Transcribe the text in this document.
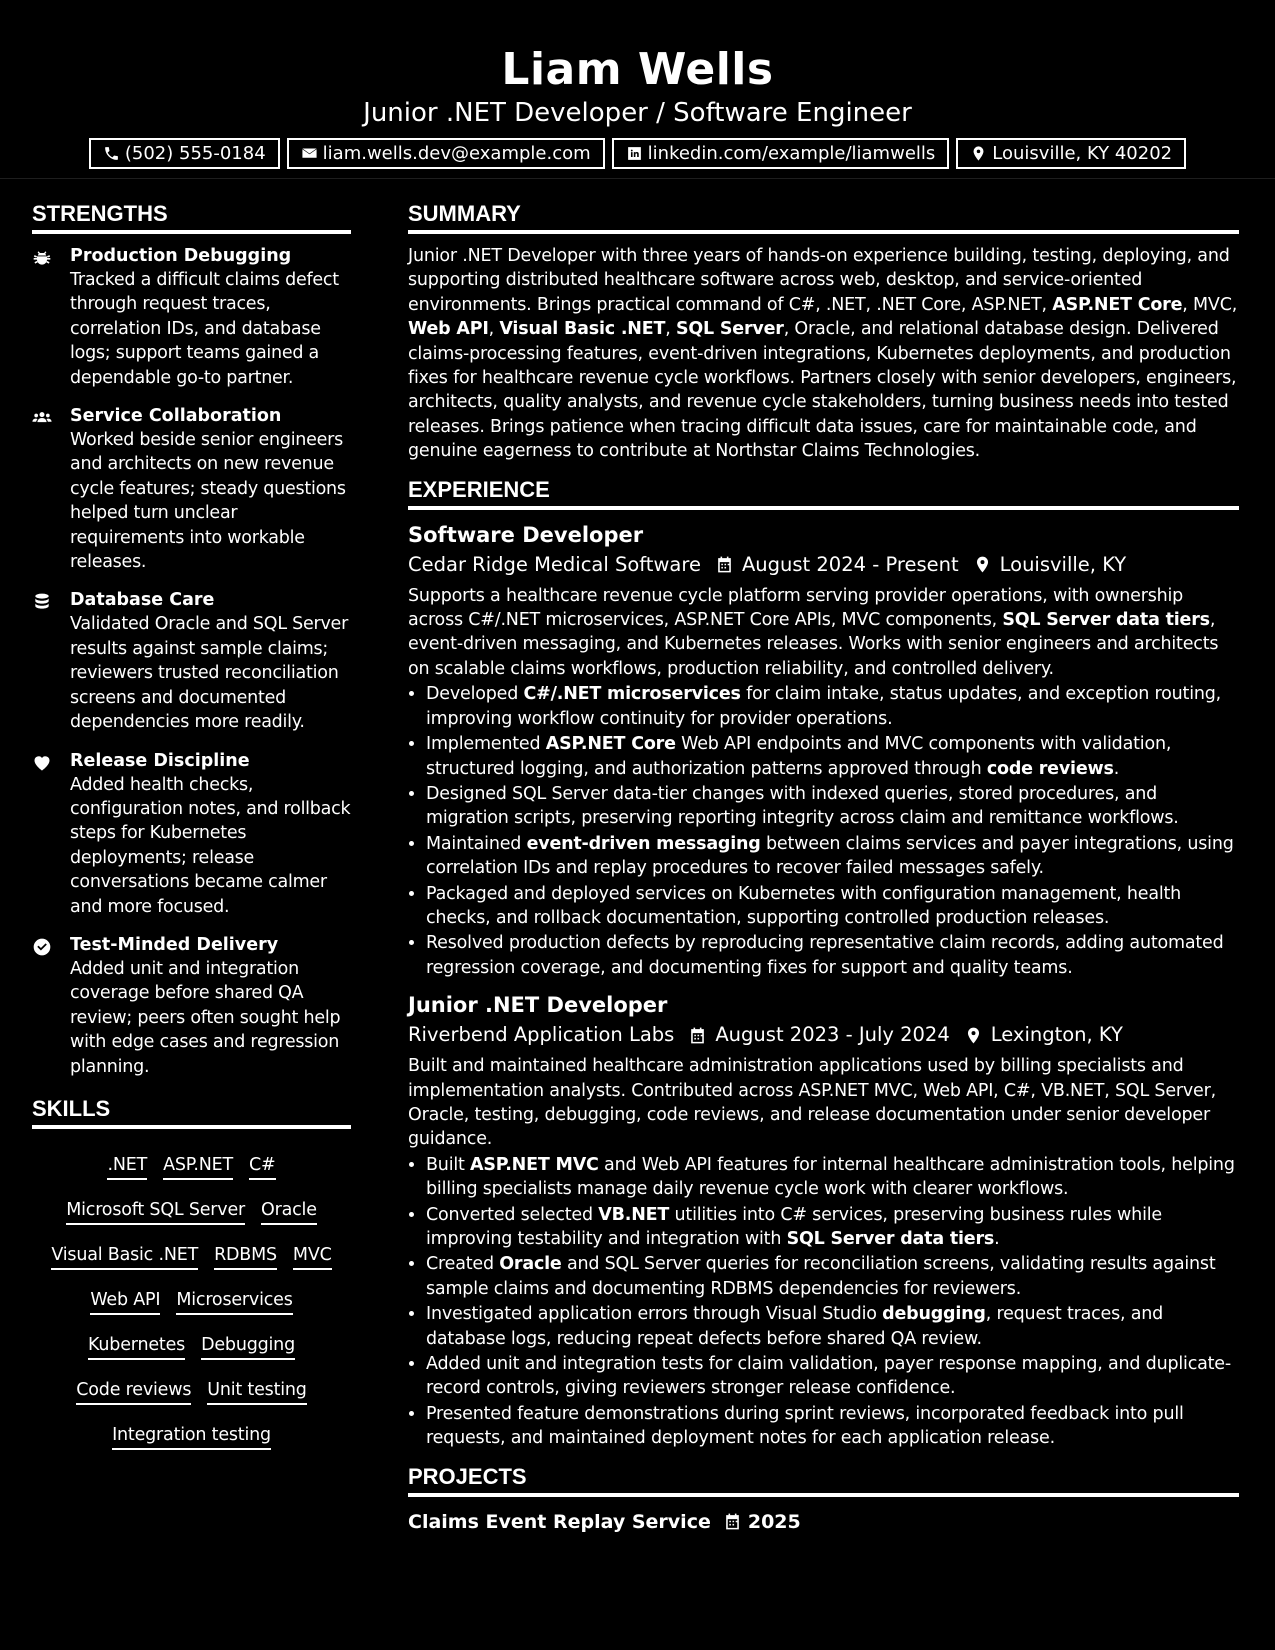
Liam Wells
Junior .NET Developer / Software Engineer
(502) 555-0184	liam.wells.dev@example.com	linkedin.com/example/liamwells	Louisville, KY 40202
STRENGTHS
Production Debugging
Tracked a difficult claims defect through request traces, correlation IDs, and database logs; support teams gained a dependable go-to partner.
Service Collaboration
Worked beside senior engineers and architects on new revenue cycle features; steady questions helped turn unclear requirements into workable releases.
Database Care
Validated Oracle and SQL Server results against sample claims; reviewers trusted reconciliation screens and documented dependencies more readily.
Release Discipline
Added health checks, configuration notes, and rollback steps for Kubernetes deployments; release conversations became calmer and more focused.
Test-Minded Delivery
Added unit and integration coverage before shared QA review; peers often sought help with edge cases and regression planning.
SKILLS
.NET ASP.NET C#
Microsoft SQL Server Oracle
Visual Basic .NET RDBMS MVC
Web API Microservices
Kubernetes Debugging
Code reviews Unit testing
Integration testing
SUMMARY
Junior .NET Developer with three years of hands-on experience building, testing, deploying, and supporting distributed healthcare software across web, desktop, and service-oriented environments. Brings practical command of C#, .NET, .NET Core, ASP.NET, ASP.NET Core, MVC, Web API, Visual Basic .NET, SQL Server, Oracle, and relational database design. Delivered claims-processing features, event-driven integrations, Kubernetes deployments, and production fixes for healthcare revenue cycle workflows. Partners closely with senior developers, engineers, architects, quality analysts, and revenue cycle stakeholders, turning business needs into tested releases. Brings patience when tracing difficult data issues, care for maintainable code, and genuine eagerness to contribute at Northstar Claims Technologies.
EXPERIENCE
Software Developer
Cedar Ridge Medical Software August 2024 - Present Louisville, KY
Supports a healthcare revenue cycle platform serving provider operations, with ownership across C#/.NET microservices, ASP.NET Core APIs, MVC components, SQL Server data tiers, event-driven messaging, and Kubernetes releases. Works with senior engineers and architects on scalable claims workflows, production reliability, and controlled delivery.
• Developed C#/.NET microservices for claim intake, status updates, and exception routing, improving workflow continuity for provider operations.
• Implemented ASP.NET Core Web API endpoints and MVC components with validation, structured logging, and authorization patterns approved through code reviews.
• Designed SQL Server data-tier changes with indexed queries, stored procedures, and migration scripts, preserving reporting integrity across claim and remittance workflows.
• Maintained event-driven messaging between claims services and payer integrations, using correlation IDs and replay procedures to recover failed messages safely.
• Packaged and deployed services on Kubernetes with configuration management, health checks, and rollback documentation, supporting controlled production releases.
• Resolved production defects by reproducing representative claim records, adding automated regression coverage, and documenting fixes for support and quality teams.
Junior .NET Developer
Riverbend Application Labs August 2023 - July 2024 Lexington, KY
Built and maintained healthcare administration applications used by billing specialists and implementation analysts. Contributed across ASP.NET MVC, Web API, C#, VB.NET, SQL Server, Oracle, testing, debugging, code reviews, and release documentation under senior developer guidance.
• Built ASP.NET MVC and Web API features for internal healthcare administration tools, helping billing specialists manage daily revenue cycle work with clearer workflows.
• Converted selected VB.NET utilities into C# services, preserving business rules while improving testability and integration with SQL Server data tiers.
• Created Oracle and SQL Server queries for reconciliation screens, validating results against sample claims and documenting RDBMS dependencies for reviewers.
• Investigated application errors through Visual Studio debugging, request traces, and database logs, reducing repeat defects before shared QA review.
• Added unit and integration tests for claim validation, payer response mapping, and duplicate-record controls, giving reviewers stronger release confidence.
• Presented feature demonstrations during sprint reviews, incorporated feedback into pull requests, and maintained deployment notes for each application release.
PROJECTS
Claims Event Replay Service 2025
